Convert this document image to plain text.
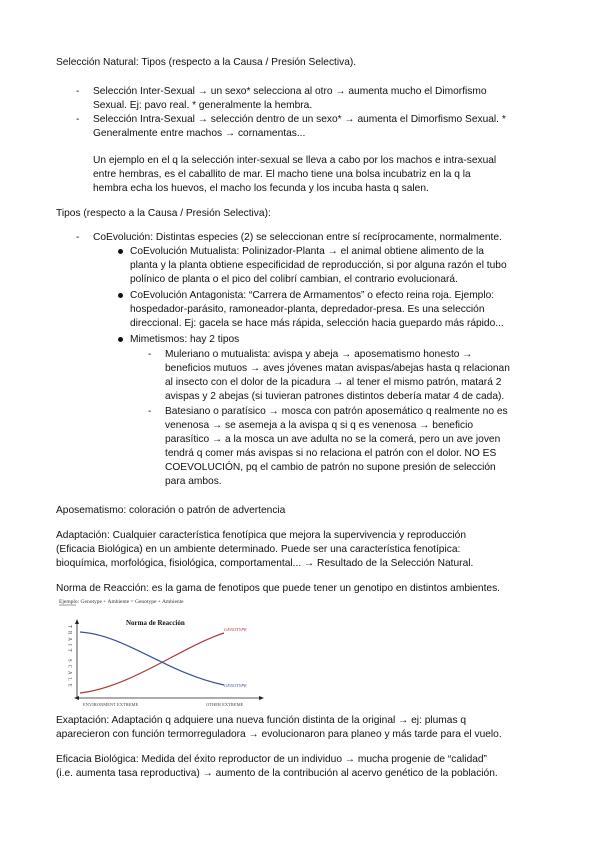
Selección Natural: Tipos (respecto a la Causa / Presión Selectiva).
- Selección Inter-Sexual → un sexo* selecciona al otro → aumenta mucho el Dimorfismo
Sexual. Ej: pavo real. * generalmente la hembra.
- Selección Intra-Sexual → selección dentro de un sexo* → aumenta el Dimorfismo Sexual. *
Generalmente entre machos → cornamentas...
Un ejemplo en el q la selección inter-sexual se lleva a cabo por los machos e intra-sexual
entre hembras, es el caballito de mar. El macho tiene una bolsa incubatriz en la q la
hembra echa los huevos, el macho los fecunda y los incuba hasta q salen.
Tipos (respecto a la Causa / Presión Selectiva):
- CoEvolución: Distintas especies (2) se seleccionan entre sí recíprocamente, normalmente.
CoEvolución Mutualista: Polinizador-Planta → el animal obtiene alimento de la
planta y la planta obtiene especificidad de reproducción, si por alguna razón el tubo
polínico de planta o el pico del colibrí cambian, el contrario evolucionará.
CoEvolución Antagonista: “Carrera de Armamentos” o efecto reina roja. Ejemplo:
hospedador-parásito, ramoneador-planta, depredador-presa. Es una selección
direccional. Ej: gacela se hace más rápida, selección hacia guepardo más rápido...
Mimetismos: hay 2 tipos
- Muleriano o mutualista: avispa y abeja → aposematismo honesto →
beneficios mutuos → aves jóvenes matan avispas/abejas hasta q relacionan
al insecto con el dolor de la picadura → al tener el mismo patrón, matará 2
avispas y 2 abejas (si tuvieran patrones distintos debería matar 4 de cada).
- Batesiano o paratísico → mosca con patrón aposemático q realmente no es
venenosa → se asemeja a la avispa q si q es venenosa → beneficio
parasítico → a la mosca un ave adulta no se la comerá, pero un ave joven
tendrá q comer más avispas si no relaciona el patrón con el dolor. NO ES
COEVOLUCIÓN, pq el cambio de patrón no supone presión de selección
para ambos.
Aposematismo: coloración o patrón de advertencia
Adaptación: Cualquier característica fenotípica que mejora la supervivencia y reproducción
(Eficacia Biológica) en un ambiente determinado. Puede ser una característica fenotípica:
bioquímica, morfológica, fisiológica, comportamental... → Resultado de la Selección Natural.
Norma de Reacción: es la gama de fenotipos que puede tener un genotipo en distintos ambientes.
Ejemplo: Genotype + Ambiente = Genotype + Ambiente
Norma de Reacción
TRAIT SCALE	GENOTYPE
GENOTYPE
ENVIRONMENT EXTREME	OTHER EXTREME
Exaptación: Adaptación q adquiere una nueva función distinta de la original → ej: plumas q
aparecieron con función termorreguladora → evolucionaron para planeo y más tarde para el vuelo.
Eficacia Biológica: Medida del éxito reproductor de un individuo → mucha progenie de “calidad”
(i.e. aumenta tasa reproductiva) → aumento de la contribución al acervo genético de la población.
